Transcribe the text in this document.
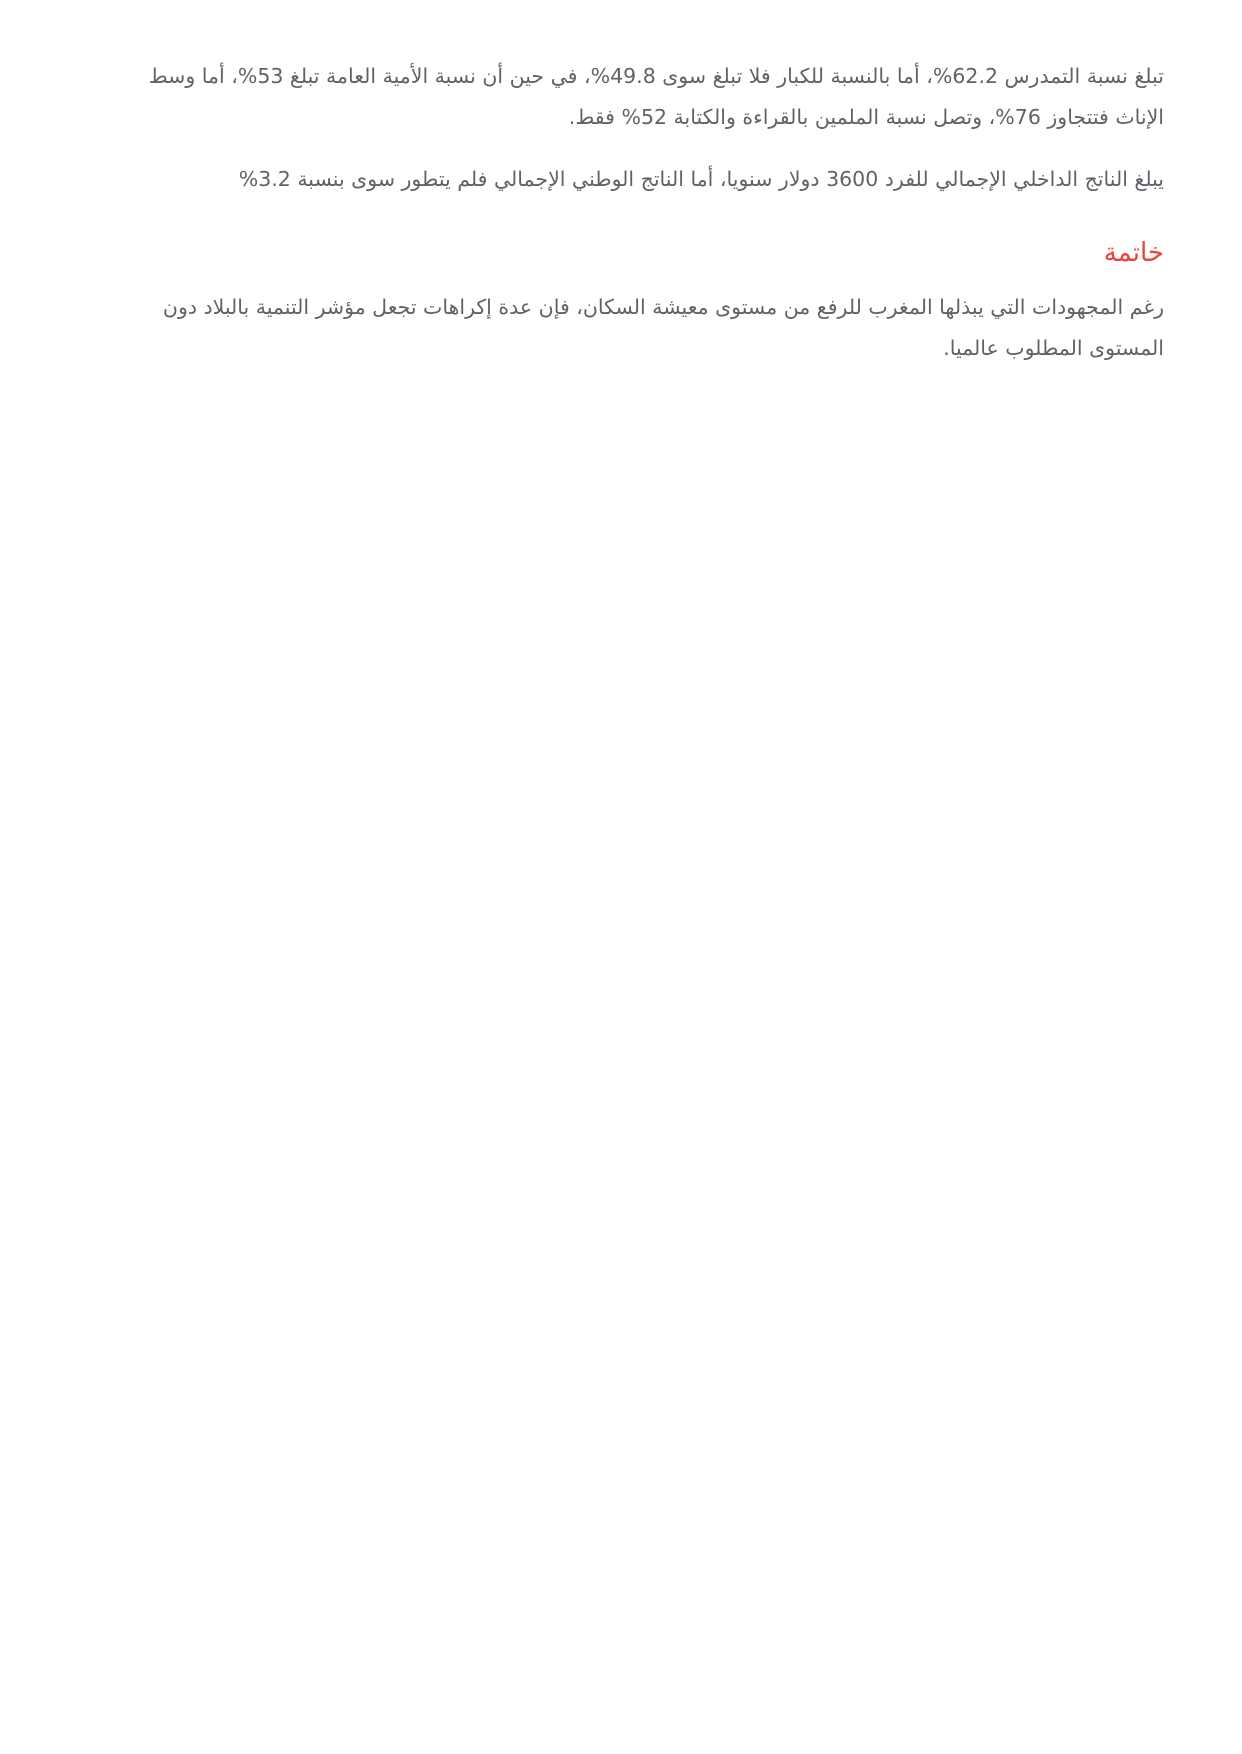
تبلغ نسبة التمدرس 62.2%، أما بالنسبة للكبار فلا تبلغ سوى 49.8%، في حين أن نسبة الأمية العامة تبلغ 53%، أما وسط الإناث فتتجاوز 76%، وتصل نسبة الملمين بالقراءة والكتابة 52% فقط.

يبلغ الناتج الداخلي الإجمالي للفرد 3600 دولار سنويا، أما الناتج الوطني الإجمالي فلم يتطور سوى بنسبة 3.2%

خاتمة

رغم المجهودات التي يبذلها المغرب للرفع من مستوى معيشة السكان، فإن عدة إكراهات تجعل مؤشر التنمية بالبلاد دون المستوى المطلوب عالميا.
